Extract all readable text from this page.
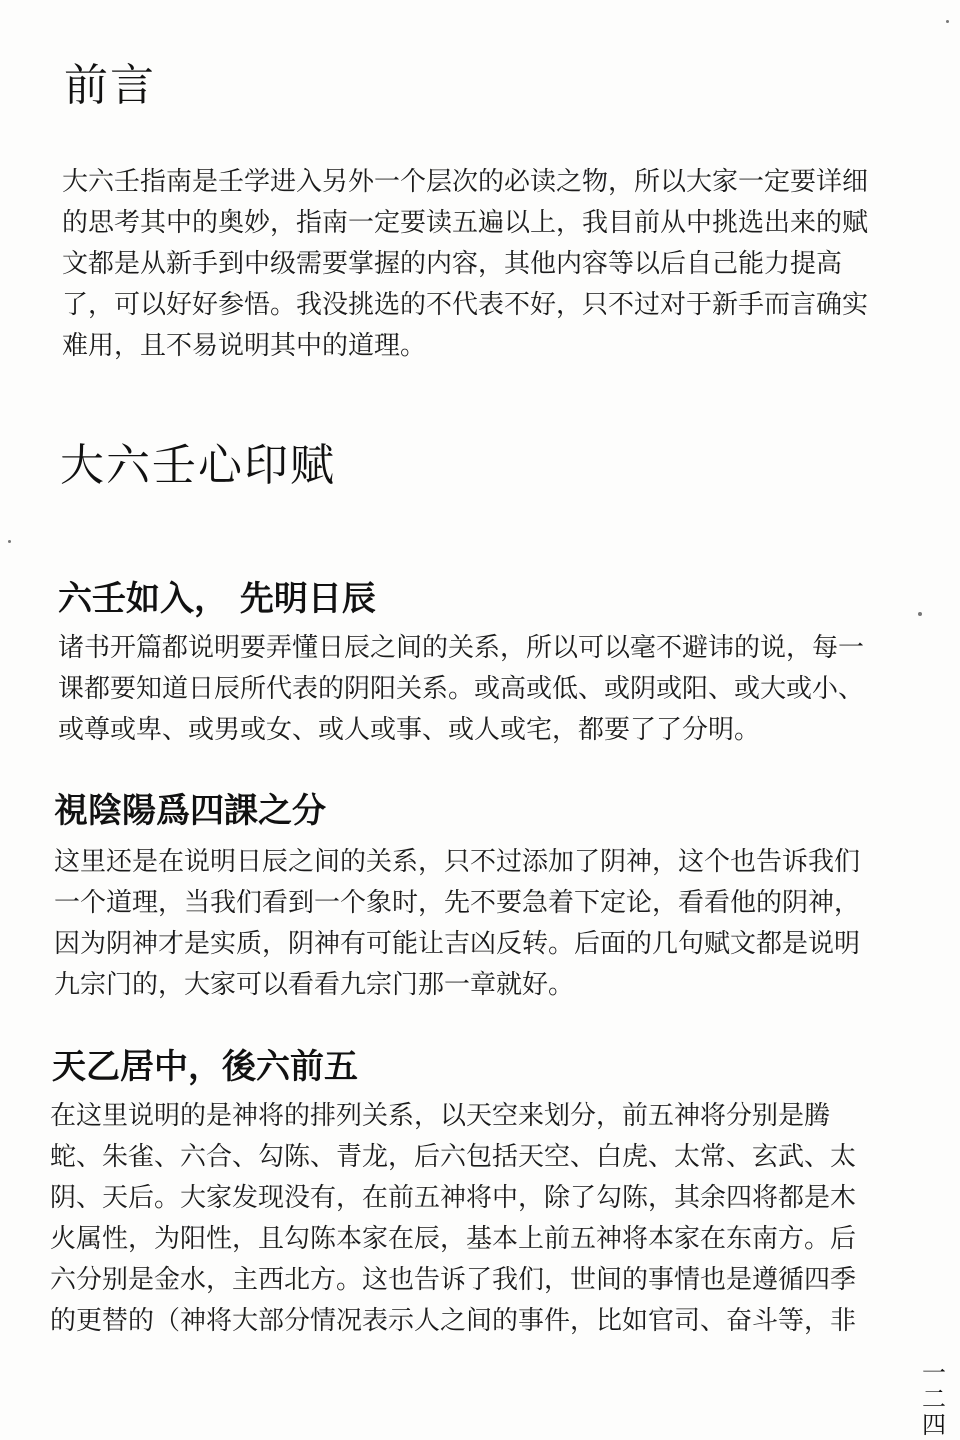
前言
大六壬指南是壬学进入另外一个层次的必读之物，所以大家一定要详细
的思考其中的奥妙，指南一定要读五遍以上，我目前从中挑选出来的赋
文都是从新手到中级需要掌握的内容，其他内容等以后自己能力提高
了，可以好好参悟。我没挑选的不代表不好，只不过对于新手而言确实
难用，且不易说明其中的道理。
大六壬心印赋
六壬如入， 先明日辰
诸书开篇都说明要弄懂日辰之间的关系，所以可以毫不避讳的说，每一
课都要知道日辰所代表的阴阳关系。或高或低、或阴或阳、或大或小、
或尊或卑、或男或女、或人或事、或人或宅，都要了了分明。
視陰陽爲四課之分
这里还是在说明日辰之间的关系，只不过添加了阴神，这个也告诉我们
一个道理，当我们看到一个象时，先不要急着下定论，看看他的阴神，
因为阴神才是实质，阴神有可能让吉凶反转。后面的几句赋文都是说明
九宗门的，大家可以看看九宗门那一章就好。
天乙居中，後六前五
在这里说明的是神将的排列关系，以天空来划分，前五神将分别是腾
蛇、朱雀、六合、勾陈、青龙，后六包括天空、白虎、太常、玄武、太
阴、天后。大家发现没有，在前五神将中，除了勾陈，其余四将都是木
火属性，为阳性，且勾陈本家在辰，基本上前五神将本家在东南方。后
六分别是金水，主西北方。这也告诉了我们，世间的事情也是遵循四季
的更替的（神将大部分情况表示人之间的事件，比如官司、奋斗等，非
一
二
四
